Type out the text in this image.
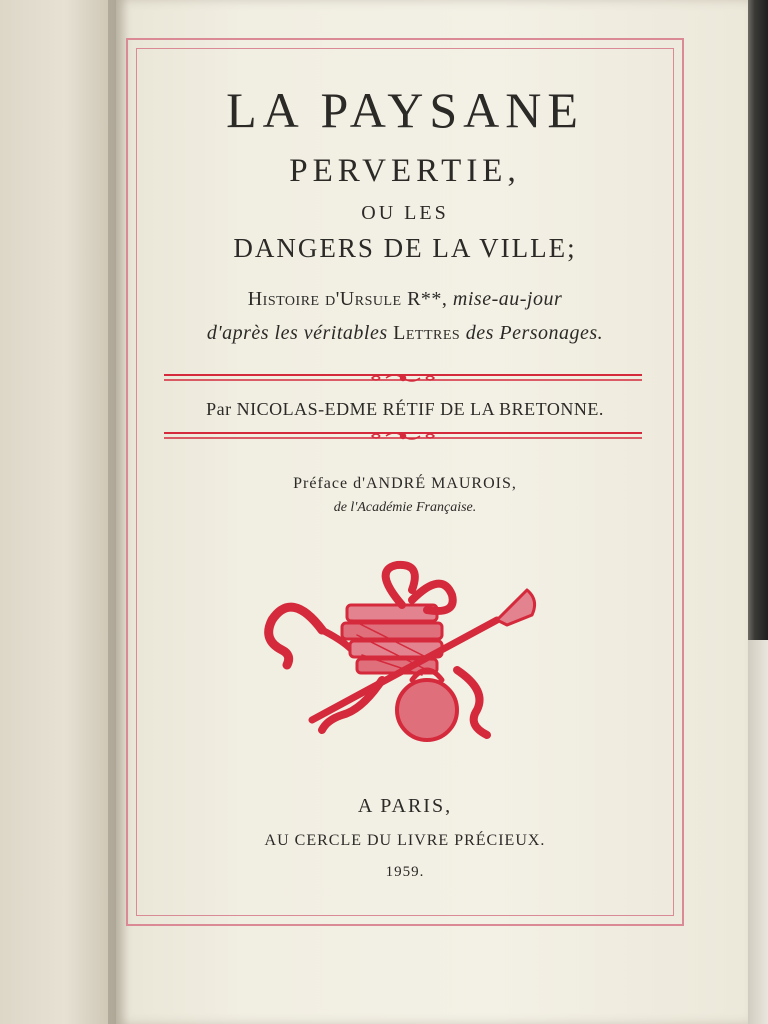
LA PAYSANE
PERVERTIE,
OU LES
DANGERS DE LA VILLE;
Histoire d'Ursule R**, mise-au-jour
d'après les véritables Lettres des Personages.
Par NICOLAS-EDME RÉTIF DE LA BRETONNE.
Préface d'ANDRÉ MAUROIS,
de l'Académie Française.
A PARIS,
AU CERCLE DU LIVRE PRÉCIEUX.
1959.
